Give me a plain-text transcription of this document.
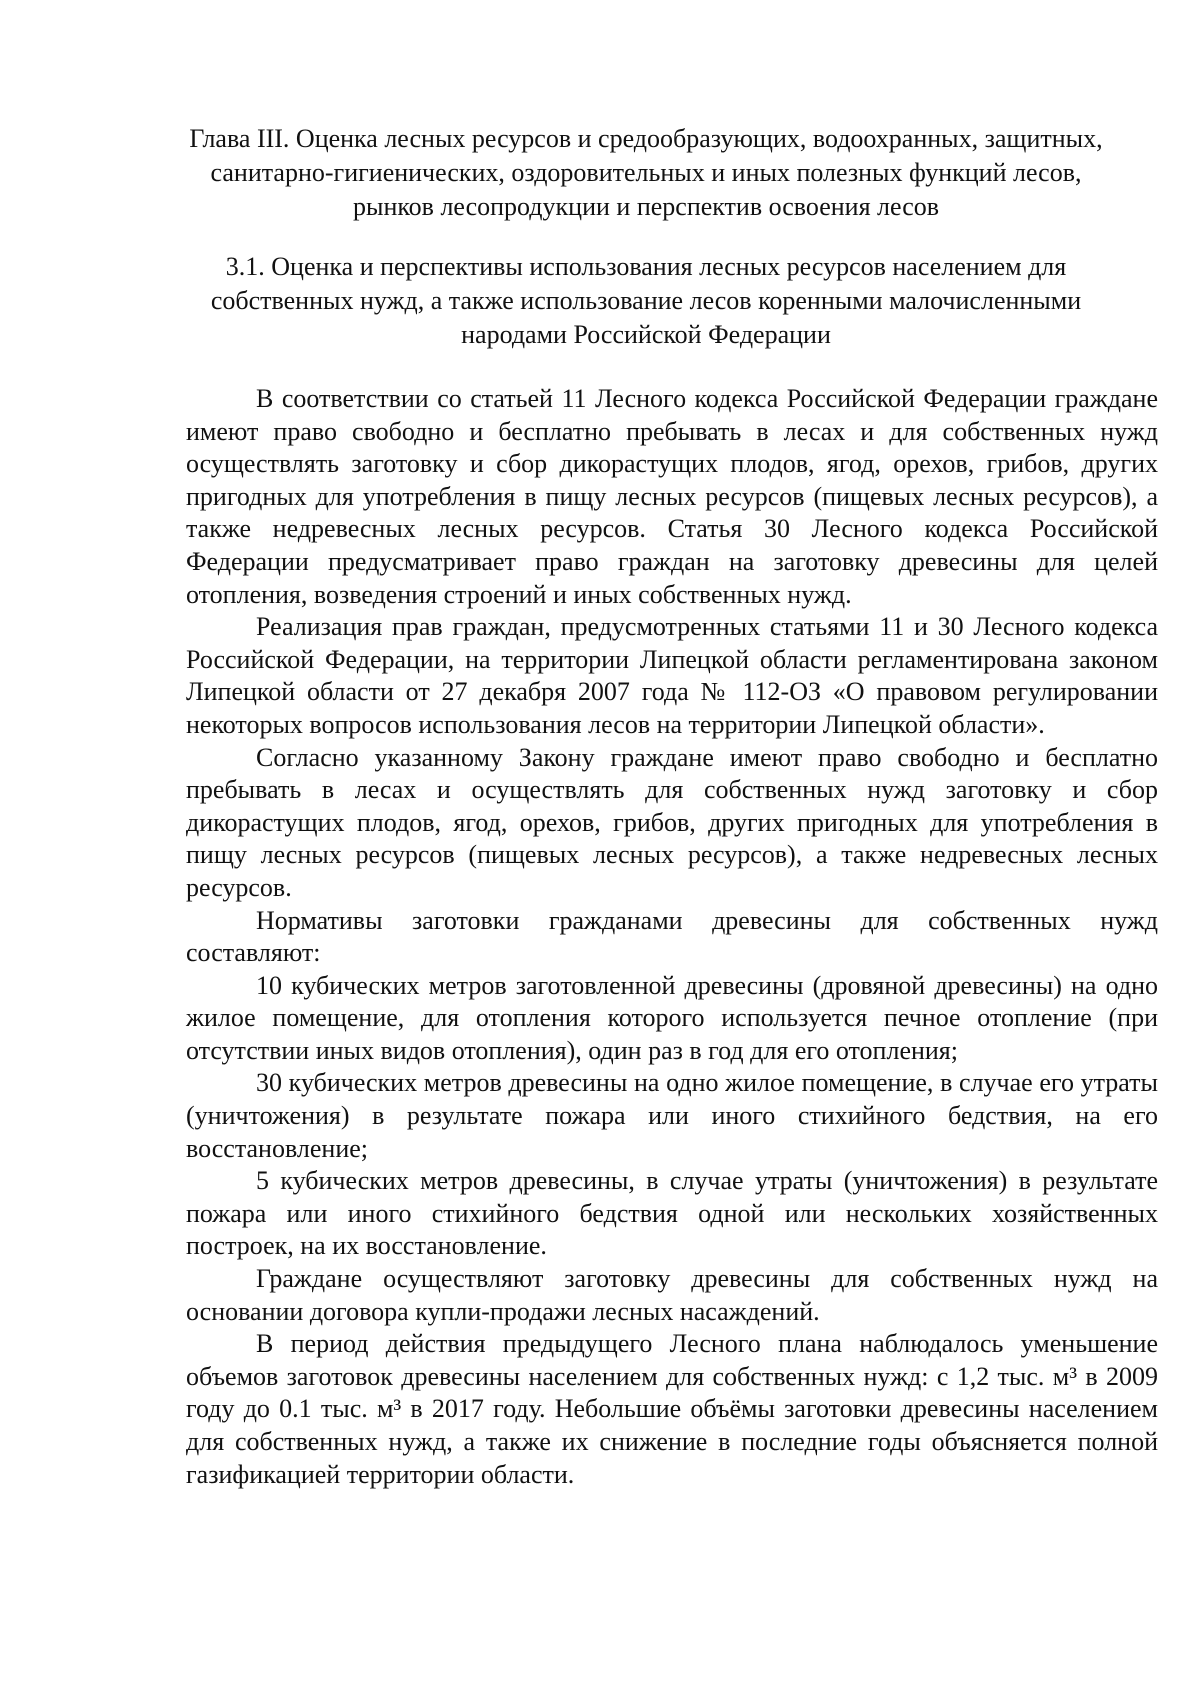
Глава III. Оценка лесных ресурсов и средообразующих, водоохранных, защитных, санитарно-гигиенических, оздоровительных и иных полезных функций лесов, рынков лесопродукции и перспектив освоения лесов
3.1. Оценка и перспективы использования лесных ресурсов населением для собственных нужд, а также использование лесов коренными малочисленными народами Российской Федерации

В соответствии со статьей 11 Лесного кодекса Российской Федерации граждане имеют право свободно и бесплатно пребывать в лесах и для собственных нужд осуществлять заготовку и сбор дикорастущих плодов, ягод, орехов, грибов, других пригодных для употребления в пищу лесных ресурсов (пищевых лесных ресурсов), а также недревесных лесных ресурсов. Статья 30 Лесного кодекса Российской Федерации предусматривает право граждан на заготовку древесины для целей отопления, возведения строений и иных собственных нужд.

Реализация прав граждан, предусмотренных статьями 11 и 30 Лесного кодекса Российской Федерации, на территории Липецкой области регламентирована законом Липецкой области от 27 декабря 2007 года № 112-ОЗ «О правовом регулировании некоторых вопросов использования лесов на территории Липецкой области».

Согласно указанному Закону граждане имеют право свободно и бесплатно пребывать в лесах и осуществлять для собственных нужд заготовку и сбор дикорастущих плодов, ягод, орехов, грибов, других пригодных для употребления в пищу лесных ресурсов (пищевых лесных ресурсов), а также недревесных лесных ресурсов.

Нормативы заготовки гражданами древесины для собственных нужд составляют:

10 кубических метров заготовленной древесины (дровяной древесины) на одно жилое помещение, для отопления которого используется печное отопление (при отсутствии иных видов отопления), один раз в год для его отопления;

30 кубических метров древесины на одно жилое помещение, в случае его утраты (уничтожения) в результате пожара или иного стихийного бедствия, на его восстановление;

5 кубических метров древесины, в случае утраты (уничтожения) в результате пожара или иного стихийного бедствия одной или нескольких хозяйственных построек, на их восстановление.

Граждане осуществляют заготовку древесины для собственных нужд на основании договора купли-продажи лесных насаждений.

В период действия предыдущего Лесного плана наблюдалось уменьшение объемов заготовок древесины населением для собственных нужд: с 1,2 тыс. м³ в 2009 году до 0.1 тыс. м³ в 2017 году. Небольшие объёмы заготовки древесины населением для собственных нужд, а также их снижение в последние годы объясняется полной газификацией территории области.
